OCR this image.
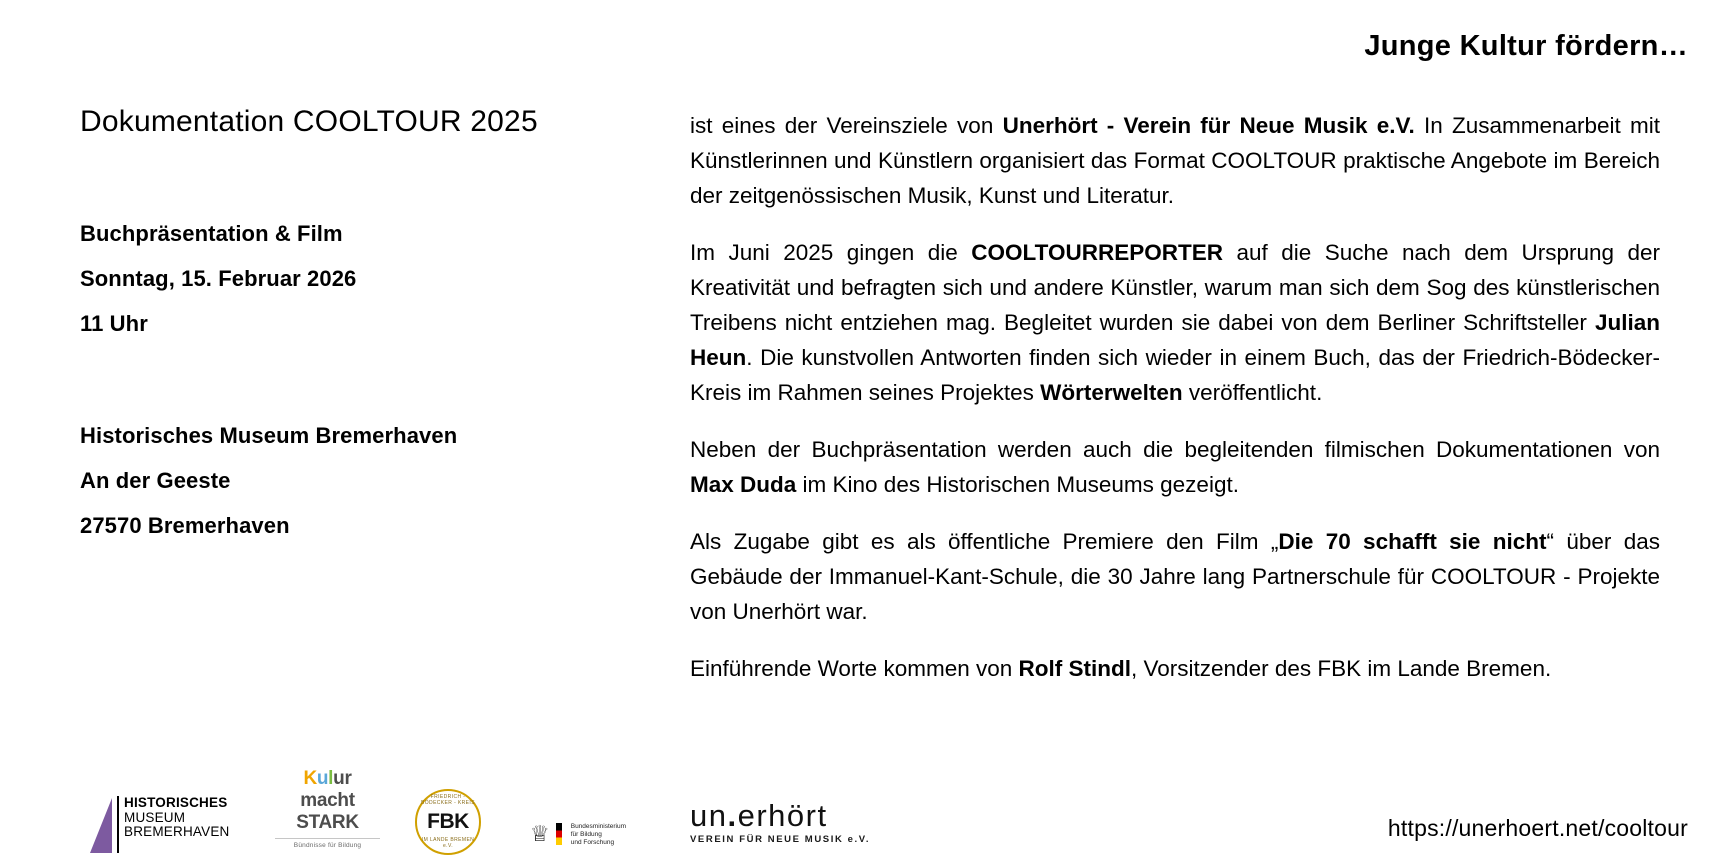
Junge Kultur fördern…
Dokumentation COOLTOUR 2025
Buchpräsentation & Film
Sonntag, 15. Februar 2026
11 Uhr
Historisches Museum Bremerhaven
An der Geeste
27570 Bremerhaven

ist eines der Vereinsziele von Unerhört - Verein für Neue Musik e.V. In Zusammenarbeit mit Künstlerinnen und Künstlern organisiert das Format COOLTOUR praktische Angebote im Bereich der zeitgenössischen Musik, Kunst und Literatur.

Im Juni 2025 gingen die COOLTOURREPORTER auf die Suche nach dem Ursprung der Kreativität und befragten sich und andere Künstler, warum man sich dem Sog des künstlerischen Treibens nicht entziehen mag. Begleitet wurden sie dabei von dem Berliner Schriftsteller Julian Heun. Die kunstvollen Antworten finden sich wieder in einem Buch, das der Friedrich-Bödecker-Kreis im Rahmen seines Projektes Wörterwelten veröffentlicht.

Neben der Buchpräsentation werden auch die begleitenden filmischen Dokumentationen von Max Duda im Kino des Historischen Museums gezeigt.

Als Zugabe gibt es als öffentliche Premiere den Film „Die 70 schafft sie nicht“ über das Gebäude der Immanuel-Kant-Schule, die 30 Jahre lang Partnerschule für COOLTOUR - Projekte von Unerhört war.

Einführende Worte kommen von Rolf Stindl, Vorsitzender des FBK im Lande Bremen.

HISTORISCHES
MUSEUM
BREMERHAVEN
Kulur
macht STARK
Bündnisse für Bildung
FRIEDRICH - BÖDECKER - KREIS
FBK
IM LANDE BREMEN e.V.	♕	Bundesministerium
für Bildung
und Forschung
un.erhört
VEREIN FÜR NEUE MUSIK e.V.	https://unerhoert.net/cooltour
